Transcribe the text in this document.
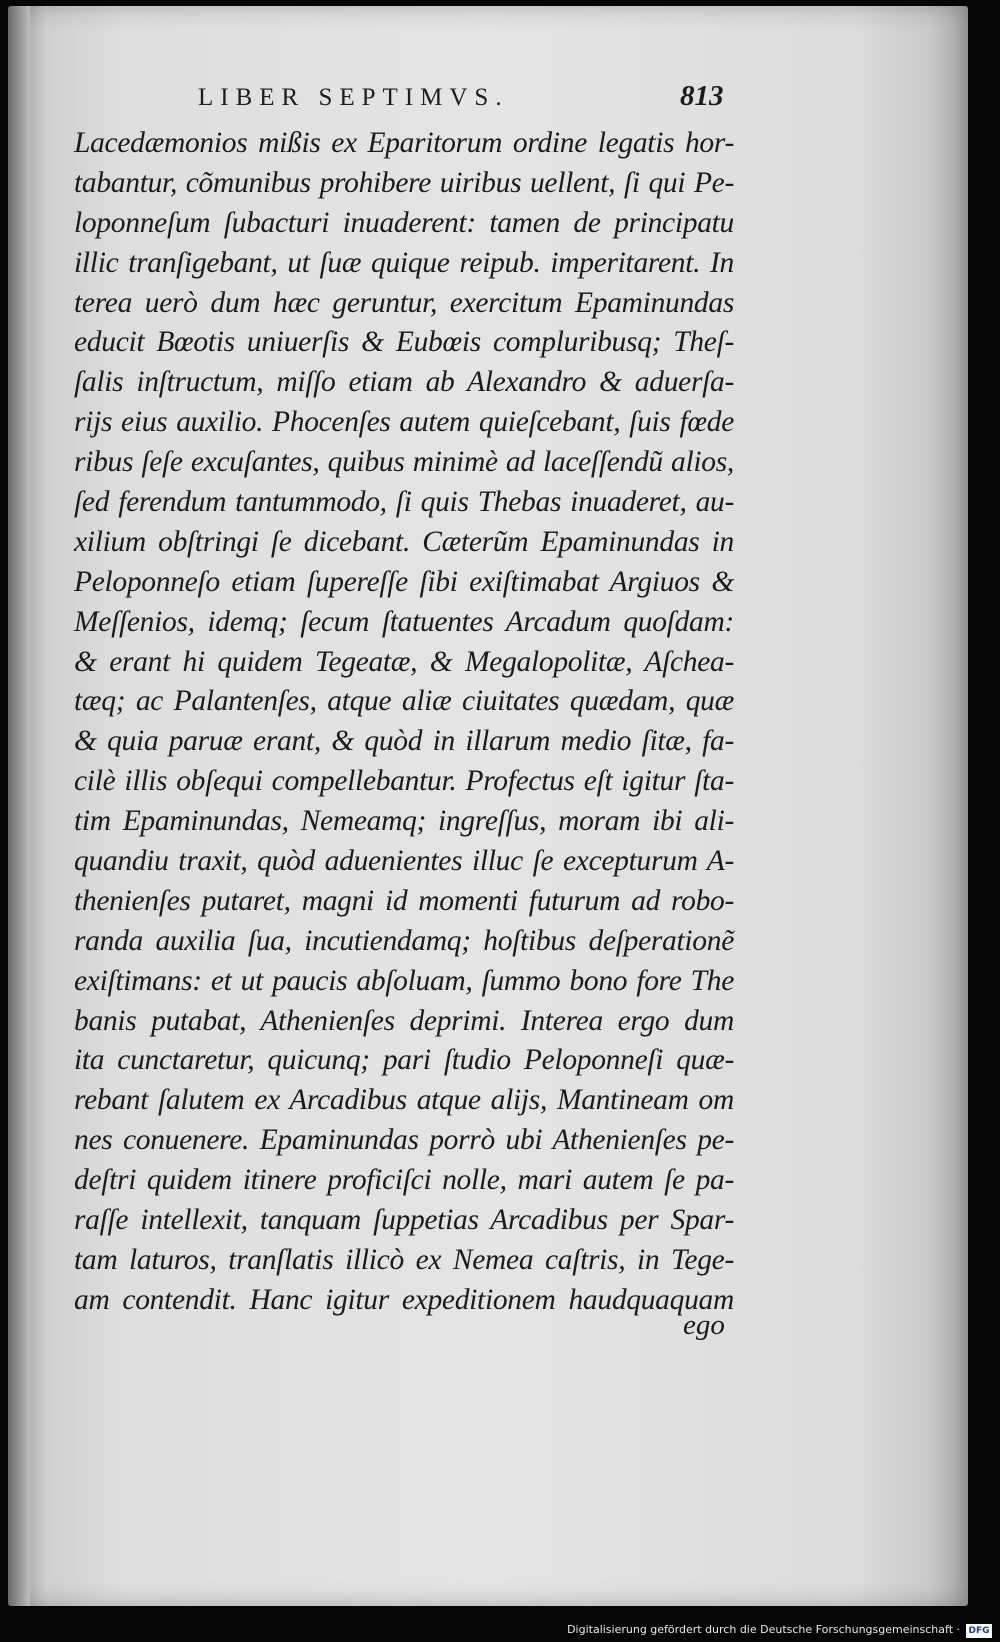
LIBER SEPTIMVS.	813
Lacedæmonios mißis ex Eparitorum ordine legatis hor-
tabantur, cõmunibus prohibere uiribus uellent, ſi qui Pe-
loponneſum ſubacturi inuaderent: tamen de principatu
illic tranſigebant, ut ſuæ quique reipub. imperitarent. In
terea uerò dum hæc geruntur, exercitum Epaminundas
educit Bœotis uniuerſis & Eubœis compluribusq; Theſ-
ſalis inſtructum, miſſo etiam ab Alexandro & aduerſa-
rijs eius auxilio. Phocenſes autem quieſcebant, ſuis fœde
ribus ſeſe excuſantes, quibus minimè ad laceſſendũ alios,
ſed ferendum tantummodo, ſi quis Thebas inuaderet, au-
xilium obſtringi ſe dicebant. Cæterũm Epaminundas in
Peloponneſo etiam ſupereſſe ſibi exiſtimabat Argiuos &
Meſſenios, idemq; ſecum ſtatuentes Arcadum quoſdam:
& erant hi quidem Tegeatæ, & Megalopolitæ, Aſchea-
tæq; ac Palantenſes, atque aliæ ciuitates quædam, quæ
& quia paruæ erant, & quòd in illarum medio ſitæ, fa-
cilè illis obſequi compellebantur. Profectus eſt igitur ſta-
tim Epaminundas, Nemeamq; ingreſſus, moram ibi ali-
quandiu traxit, quòd aduenientes illuc ſe excepturum A-
thenienſes putaret, magni id momenti futurum ad robo-
randa auxilia ſua, incutiendamq; hoſtibus deſperationẽ
exiſtimans: et ut paucis abſoluam, ſummo bono fore The
banis putabat, Athenienſes deprimi. Interea ergo dum
ita cunctaretur, quicunq; pari ſtudio Peloponneſi quæ-
rebant ſalutem ex Arcadibus atque alijs, Mantineam om
nes conuenere. Epaminundas porrò ubi Athenienſes pe-
deſtri quidem itinere proficiſci nolle, mari autem ſe pa-
raſſe intellexit, tanquam ſuppetias Arcadibus per Spar-
tam laturos, tranſlatis illicò ex Nemea caſtris, in Tege-
am contendit. Hanc igitur expeditionem haudquaquam
ego
Digitalisierung gefördert durch die Deutsche Forschungsgemeinschaft · DFG
